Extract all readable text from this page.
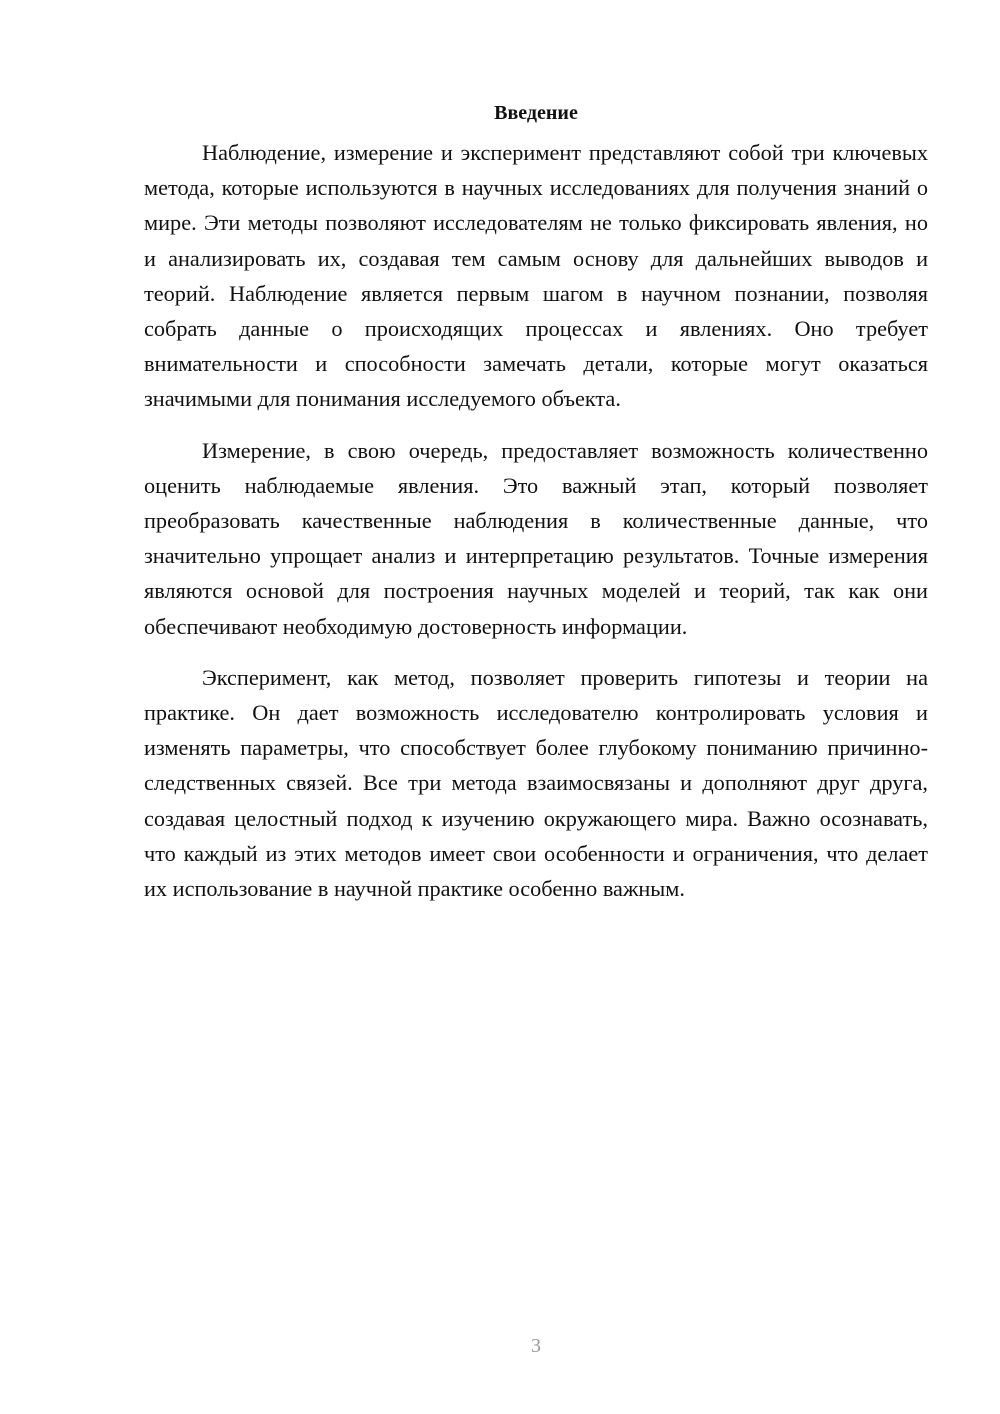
Введение

Наблюдение, измерение и эксперимент представляют собой три ключевых метода, которые используются в научных исследованиях для получения знаний о мире. Эти методы позволяют исследователям не только фиксировать явления, но и анализировать их, создавая тем самым основу для дальнейших выводов и теорий. Наблюдение является первым шагом в научном познании, позволяя собрать данные о происходящих процессах и явлениях. Оно требует внимательности и способности замечать детали, которые могут оказаться значимыми для понимания исследуемого объекта.

Измерение, в свою очередь, предоставляет возможность количественно оценить наблюдаемые явления. Это важный этап, который позволяет преобразовать качественные наблюдения в количественные данные, что значительно упрощает анализ и интерпретацию результатов. Точные измерения являются основой для построения научных моделей и теорий, так как они обеспечивают необходимую достоверность информации.

Эксперимент, как метод, позволяет проверить гипотезы и теории на практике. Он дает возможность исследователю контролировать условия и изменять параметры, что способствует более глубокому пониманию причинно-следственных связей. Все три метода взаимосвязаны и дополняют друг друга, создавая целостный подход к изучению окружающего мира. Важно осознавать, что каждый из этих методов имеет свои особенности и ограничения, что делает их использование в научной практике особенно важным.

3
